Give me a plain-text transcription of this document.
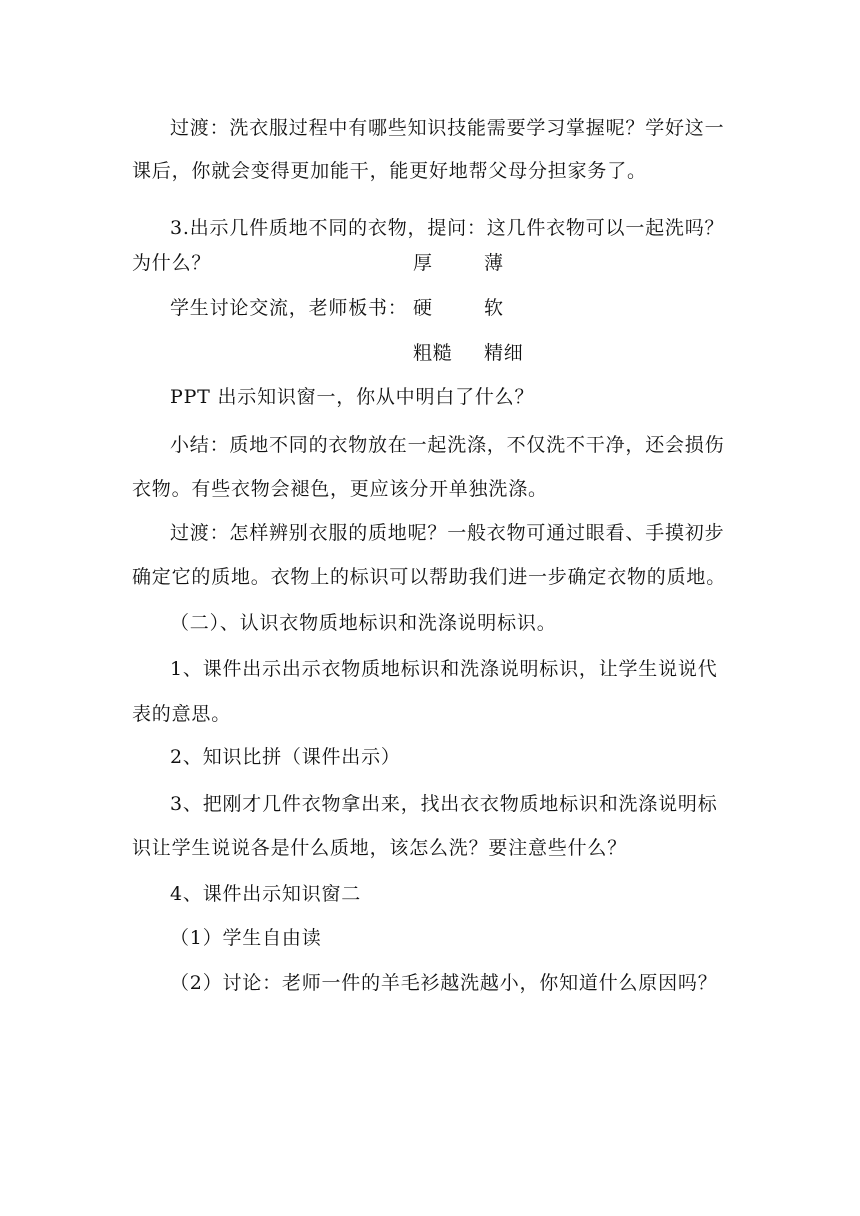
过渡：洗衣服过程中有哪些知识技能需要学习掌握呢？学好这一
课后，你就会变得更加能干，能更好地帮父母分担家务了。
3.出示几件质地不同的衣物，提问：这几件衣物可以一起洗吗？
为什么？	厚	薄
学生讨论交流，老师板书： 硬	软
粗糙 精细
PPT 出示知识窗一，你从中明白了什么？
小结：质地不同的衣物放在一起洗涤，不仅洗不干净，还会损伤
衣物。有些衣物会褪色，更应该分开单独洗涤。
过渡：怎样辨别衣服的质地呢？一般衣物可通过眼看、手摸初步
确定它的质地。衣物上的标识可以帮助我们进一步确定衣物的质地。
（二）、认识衣物质地标识和洗涤说明标识。
1、课件出示出示衣物质地标识和洗涤说明标识，让学生说说代
表的意思。
2、知识比拼（课件出示）
3、把刚才几件衣物拿出来，找出衣衣物质地标识和洗涤说明标
识让学生说说各是什么质地，该怎么洗？要注意些什么？
4、课件出示知识窗二
（1）学生自由读
（2）讨论：老师一件的羊毛衫越洗越小，你知道什么原因吗？
